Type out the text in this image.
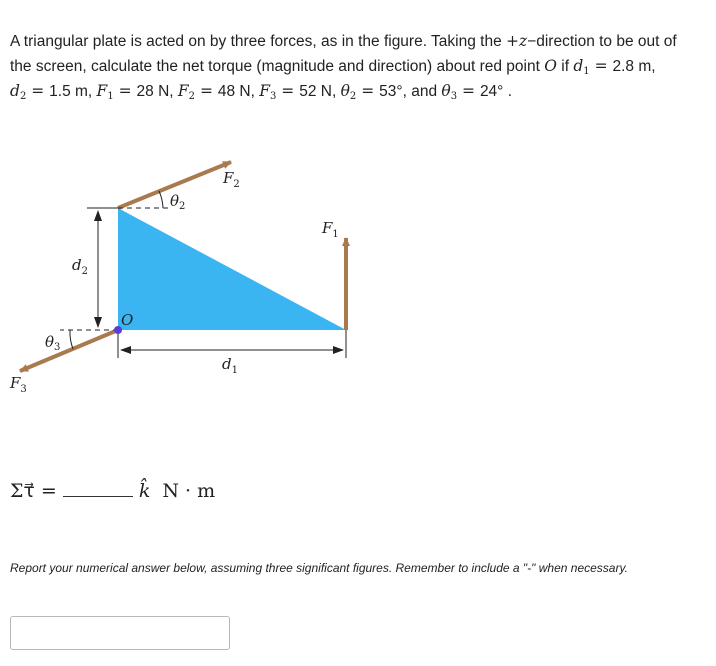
A triangular plate is acted on by three forces, as in the figure. Taking the +z−direction to be out of
the screen, calculate the net torque (magnitude and direction) about red point O if $d_1 = 2.8$ m,
$d_2 = 1.5$ m, $F_1 = 28$ N, $F_2 = 48$ N, $F_3 = 52$ N, $\theta_2 = 53^\circ$, and $\theta_3 = 24^\circ$ .
O
$F_2$
$\theta_2$
$F_1$
$d_2$
$\theta_3$
$d_1$
$F_3$
Στ⃗ =	k̂ N · m
Report your numerical answer below, assuming three significant figures. Remember to include a "-" when necessary.
